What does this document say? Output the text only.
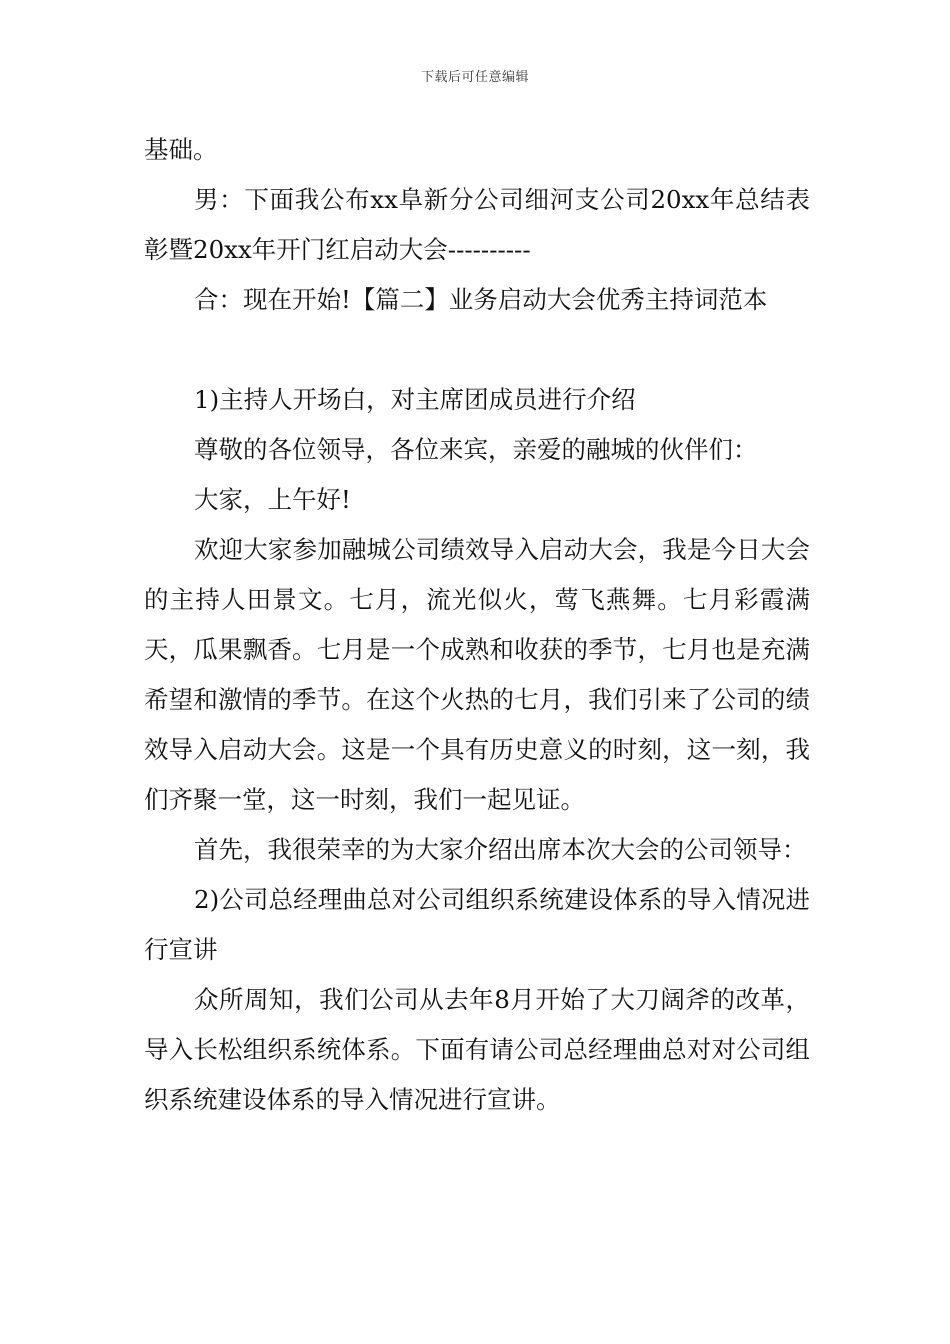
下载后可任意编辑

基础。

男：下面我公布xx阜新分公司细河支公司20xx年总结表彰暨20xx年开门红启动大会----------

合：现在开始!【篇二】业务启动大会优秀主持词范本

1)主持人开场白，对主席团成员进行介绍

尊敬的各位领导，各位来宾，亲爱的融城的伙伴们：

大家，上午好!

欢迎大家参加融城公司绩效导入启动大会，我是今日大会的主持人田景文。七月，流光似火，莺飞燕舞。七月彩霞满天，瓜果飘香。七月是一个成熟和收获的季节，七月也是充满希望和激情的季节。在这个火热的七月，我们引来了公司的绩效导入启动大会。这是一个具有历史意义的时刻，这一刻，我们齐聚一堂，这一时刻，我们一起见证。

首先，我很荣幸的为大家介绍出席本次大会的公司领导：

2)公司总经理曲总对公司组织系统建设体系的导入情况进行宣讲

众所周知，我们公司从去年8月开始了大刀阔斧的改革，导入长松组织系统体系。下面有请公司总经理曲总对对公司组织系统建设体系的导入情况进行宣讲。
